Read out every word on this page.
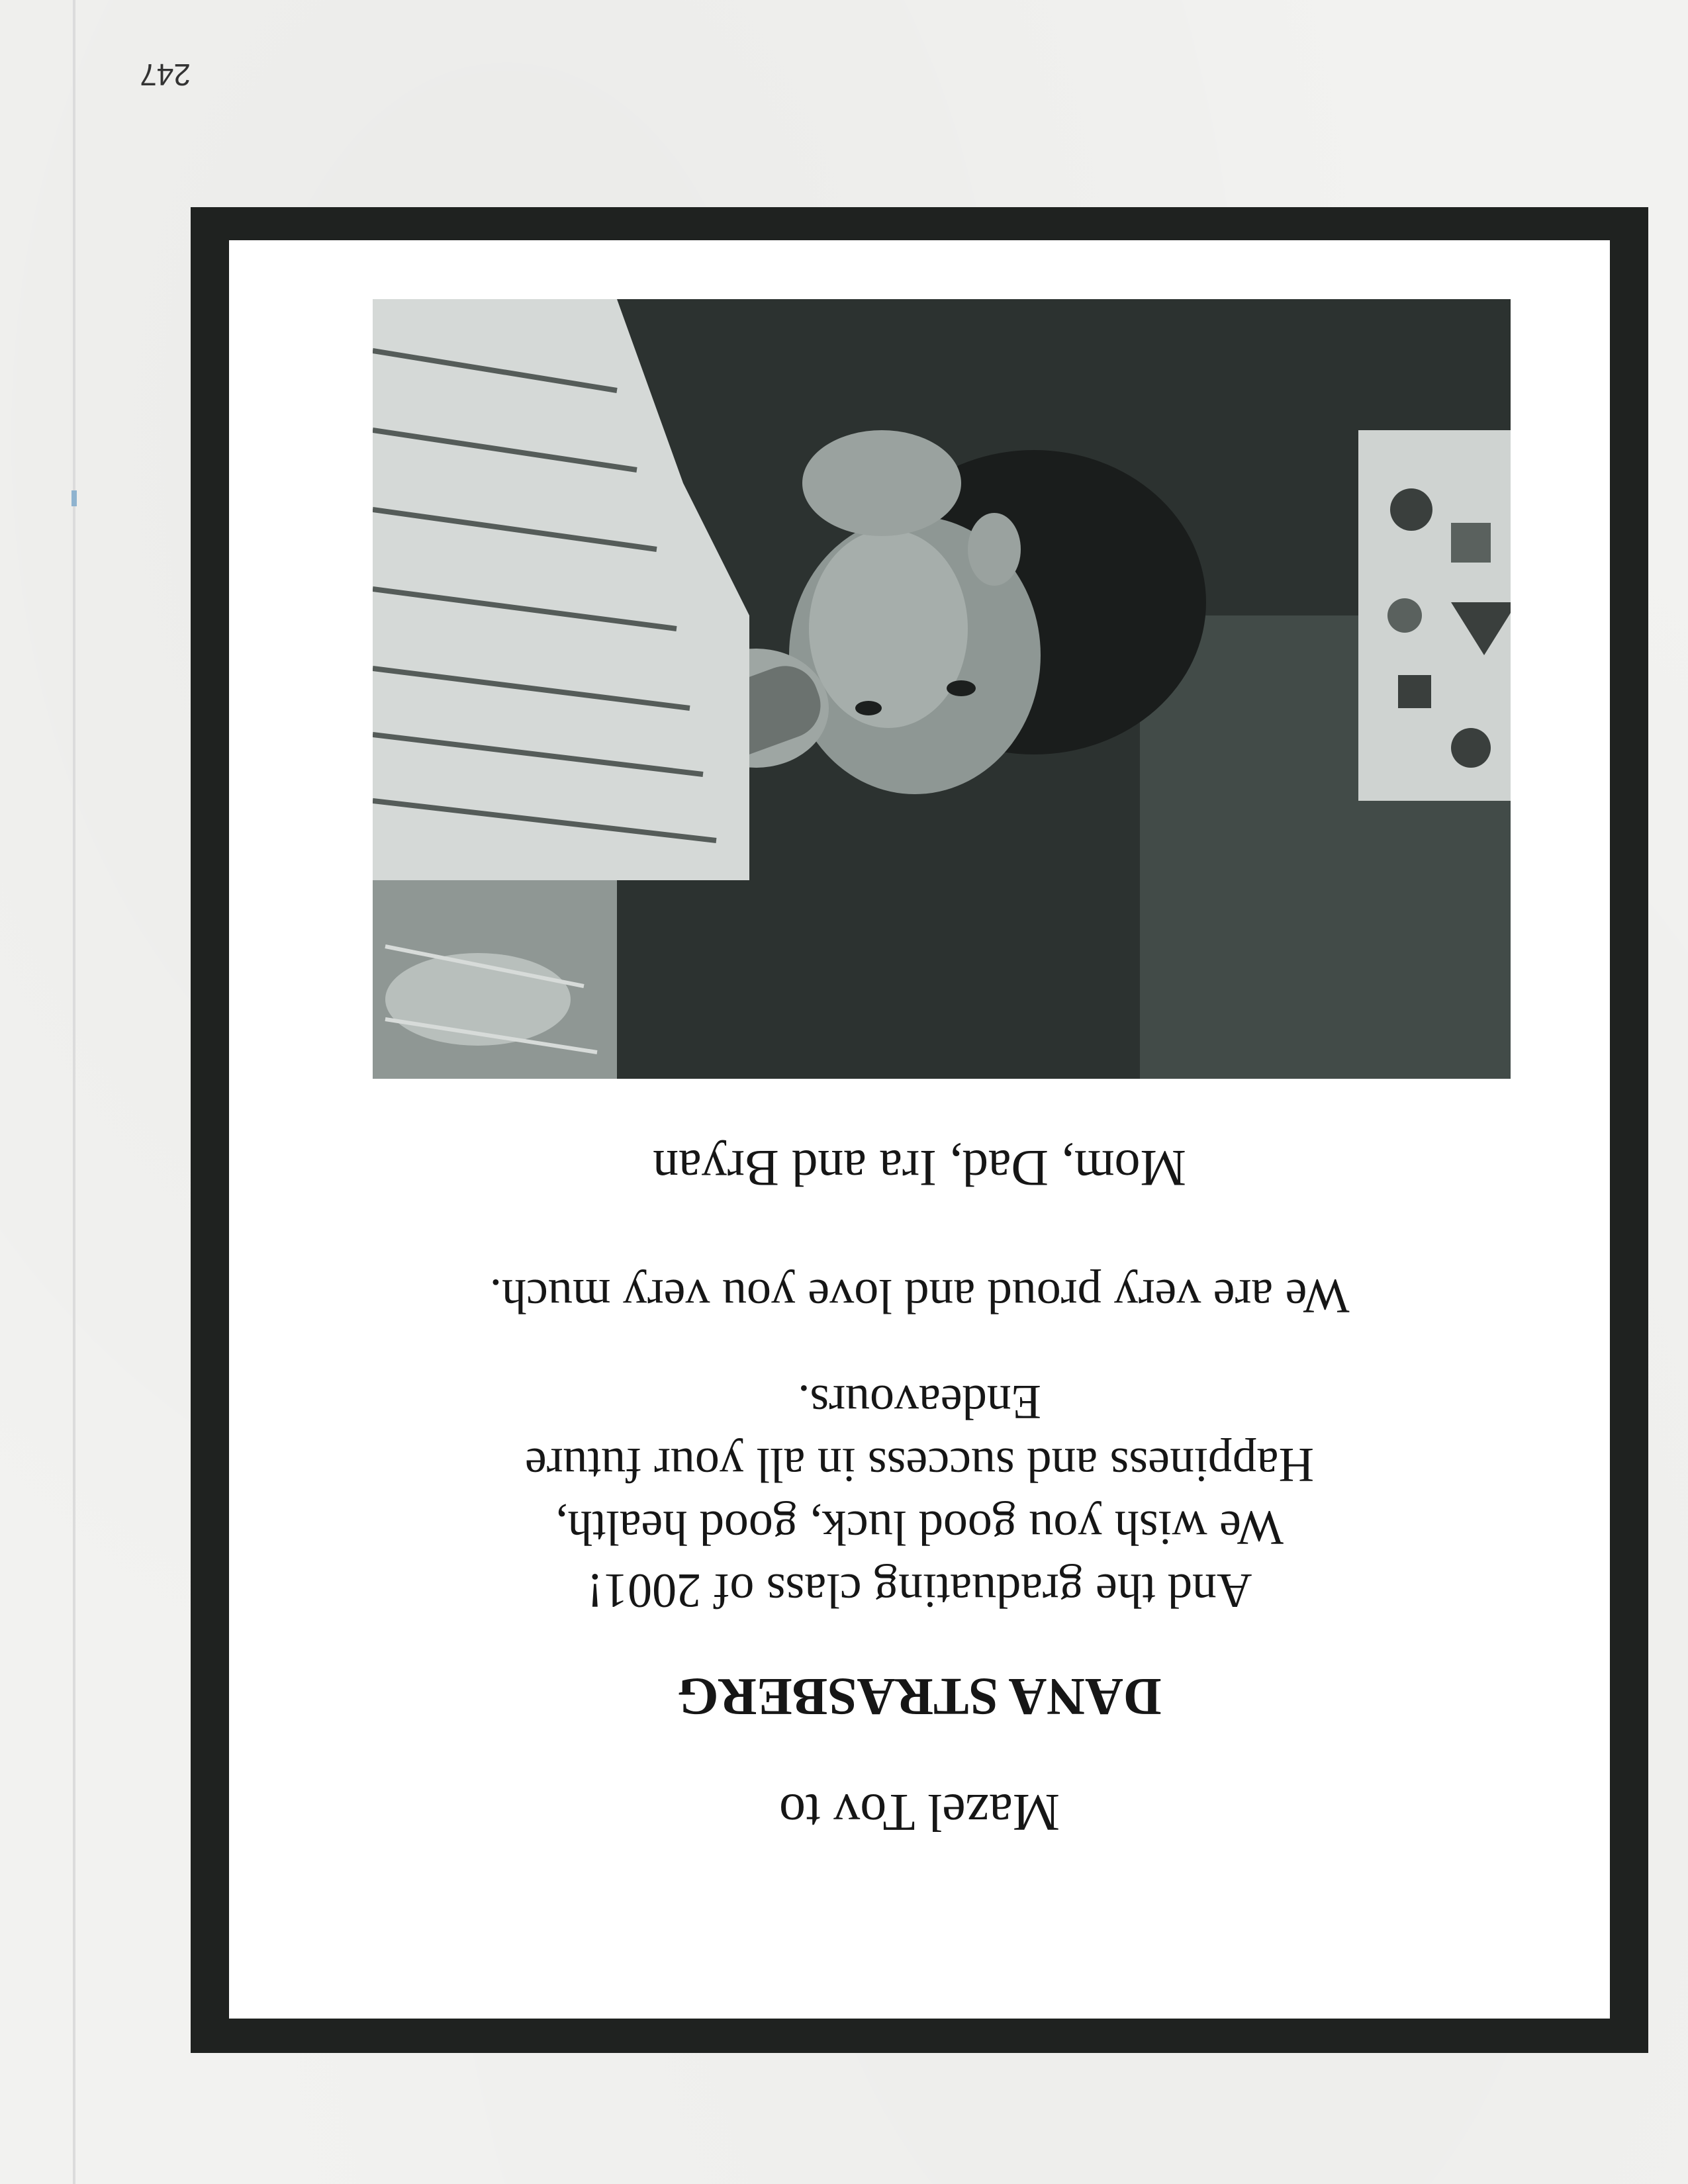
Mazel Tov to
DANA STRASBERG
And the graduating class of 2001!
We wish you good luck, good health,
Happiness and success in all your future
Endeavours.
We are very proud and love you very much.
Mom, Dad, Ira and Bryan
247
